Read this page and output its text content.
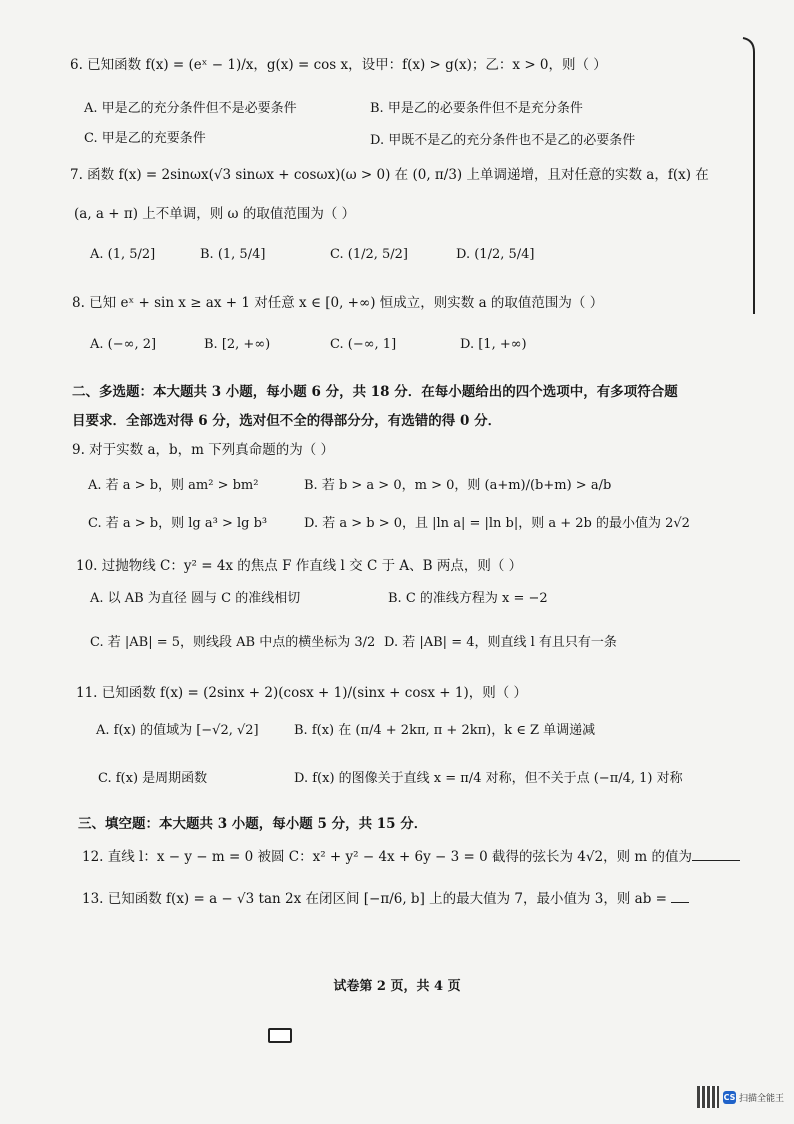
6. 已知函数 f(x) = (eˣ − 1)/x，g(x) = cos x，设甲：f(x) > g(x)；乙：x > 0，则（ ）
A. 甲是乙的充分条件但不是必要条件	B. 甲是乙的必要条件但不是充分条件
C. 甲是乙的充要条件	D. 甲既不是乙的充分条件也不是乙的必要条件
7. 函数 f(x) = 2sinωx(√3 sinωx + cosωx)(ω > 0) 在 (0, π/3) 上单调递增，且对任意的实数 a，f(x) 在
(a, a + π) 上不单调，则 ω 的取值范围为（ ）
A. (1, 5/2]	B. (1, 5/4]	C. (1/2, 5/2]	D. (1/2, 5/4]
8. 已知 eˣ + sin x ≥ ax + 1 对任意 x ∈ [0, +∞) 恒成立，则实数 a 的取值范围为（ ）
A. (−∞, 2]	B. [2, +∞)	C. (−∞, 1]	D. [1, +∞)
二、多选题：本大题共 3 小题，每小题 6 分，共 18 分．在每小题给出的四个选项中，有多项符合题
目要求．全部选对得 6 分，选对但不全的得部分分，有选错的得 0 分．
9. 对于实数 a，b，m 下列真命题的为（ ）
A. 若 a > b，则 am² > bm²	B. 若 b > a > 0，m > 0，则 (a+m)/(b+m) > a/b
C. 若 a > b，则 lg a³ > lg b³	D. 若 a > b > 0，且 |ln a| = |ln b|，则 a + 2b 的最小值为 2√2
10. 过抛物线 C：y² = 4x 的焦点 F 作直线 l 交 C 于 A、B 两点，则（ ）
A. 以 AB 为直径 圆与 C 的准线相切	B. C 的准线方程为 x = −2
C. 若 |AB| = 5，则线段 AB 中点的横坐标为 3/2 D. 若 |AB| = 4，则直线 l 有且只有一条
11. 已知函数 f(x) = (2sinx + 2)(cosx + 1)/(sinx + cosx + 1)，则（ ）
A. f(x) 的值域为 [−√2, √2]	B. f(x) 在 (π/4 + 2kπ, π + 2kπ)，k ∈ Z 单调递减
C. f(x) 是周期函数	D. f(x) 的图像关于直线 x = π/4 对称，但不关于点 (−π/4, 1) 对称
三、填空题：本大题共 3 小题，每小题 5 分，共 15 分．
12. 直线 l：x − y − m = 0 被圆 C：x² + y² − 4x + 6y − 3 = 0 截得的弦长为 4√2，则 m 的值为
13. 已知函数 f(x) = a − √3 tan 2x 在闭区间 [−π/6, b] 上的最大值为 7，最小值为 3，则 ab =
试卷第 2 页，共 4 页
CS 扫描全能王
